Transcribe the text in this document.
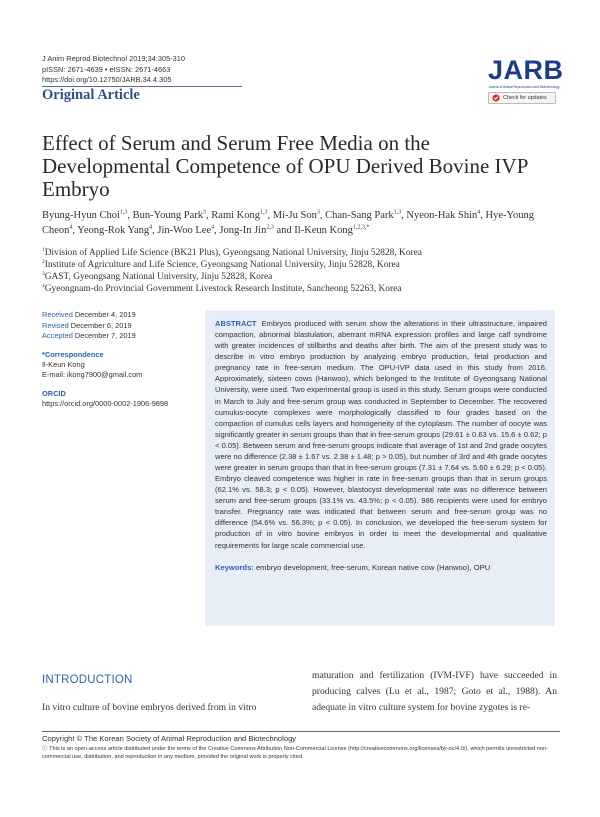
J Anim Reprod Biotechnol 2019;34:305-310
pISSN: 2671-4639 • eISSN: 2671-4663
https://doi.org/10.12750/JARB.34.4.305
Original Article
JARB
Journal of Animal Reproduction and Biotechnology
Check for updates
Effect of Serum and Serum Free Media on the Developmental Competence of OPU Derived Bovine IVP Embryo
Byung-Hyun Choi$^{1,3}$, Bun-Young Park$^3$, Rami Kong$^{1,3}$, Mi-Ju Son$^3$, Chan-Sang Park$^{1,3}$, Nyeon-Hak Shin$^4$, Hye-Young Cheon$^4$, Yeong-Rok Yang$^4$, Jin-Woo Lee$^4$, Jong-In Jin$^{2,3}$ and Il-Keun Kong$^{1,2,3,*}$
$^1$Division of Applied Life Science (BK21 Plus), Gyeongsang National University, Jinju 52828, Korea
$^2$Institute of Agriculture and Life Science, Gyeongsang National University, Jinju 52828, Korea
$^3$GAST, Gyeongsang National University, Jinju 52828, Korea
$^4$Gyeongnam-do Provincial Government Livestock Research Institute, Sancheong 52263, Korea
Received December 4, 2019
Revised December 6, 2019
Accepted December 7, 2019
*Correspondence
Il-Keun Kong
E-mail: ikong7900@gmail.com
ORCID
https://orcid.org/0000-0002-1906-9898
ABSTRACT Embryos produced with serum show the alterations in their ultrastructure, impaired compaction, abnormal blastulation, aberrant mRNA expression profiles and large calf syndrome with greater incidences of stillbirths and deaths after birth. The aim of the present study was to describe in vitro embryo production by analyzing embryo production, fetal production and pregnancy rate in free-serum medium. The OPU-IVP data used in this study from 2016. Approximately, sixteen cows (Hanwoo), which belonged to the Institute of Gyeongsang National University, were used. Two experimental group is used in this study. Serum groups were conducted in March to July and free-serum group was conducted in September to December. The recovered cumulus-oocyte complexes were morphologically classified to four grades based on the compaction of cumulus cells layers and homogeneity of the cytoplasm. The number of oocyte was significantly greater in serum groups than that in free-serum groups (29.61 ± 0.63 vs. 15.6 ± 0.62; p < 0.05). Between serum and free-serum groups indicate that average of 1st and 2nd grade oocytes were no difference (2.38 ± 1.67 vs. 2.38 ± 1.48; p > 0.05), but number of 3rd and 4th grade oocytes were greater in serum groups than that in free-serum groups (7.31 ± 7.64 vs. 5.60 ± 6.29; p < 0.05). Embryo cleaved competence was higher in rate in free-serum groups than that in serum groups (62.1% vs. 58.3; p < 0.05). However, blastocyst developmental rate was no difference between serum and free-serum groups (33.1% vs. 43.5%; p < 0.05). 986 recipients were used for embryo transfer. Pregnancy rate was indicated that between serum and free-serum group was no difference (54.6% vs. 56.3%; p < 0.05). In conclusion, we developed the free-serum system for production of in vitro bovine embryos in order to meet the developmental and qualitative requirements for large scale commercial use.
Keywords: embryo development, free-serum, Korean native cow (Hanwoo), OPU
INTRODUCTION
In vitro culture of bovine embryos derived from in vitro
maturation and fertilization (IVM-IVF) have succeeded in producing calves (Lu et al., 1987; Goto et al., 1988). An adequate in vitro culture system for bovine zygotes is re-
Copyright © The Korean Society of Animal Reproduction and Biotechnology
ⓒ This is an open-access article distributed under the terms of the Creative Commons Attribution Non-Commercial License (http://creativecommons.org/licenses/by-nc/4.0/), which permits unrestricted non-commercial use, distribution, and reproduction in any medium, provided the original work is properly cited.
